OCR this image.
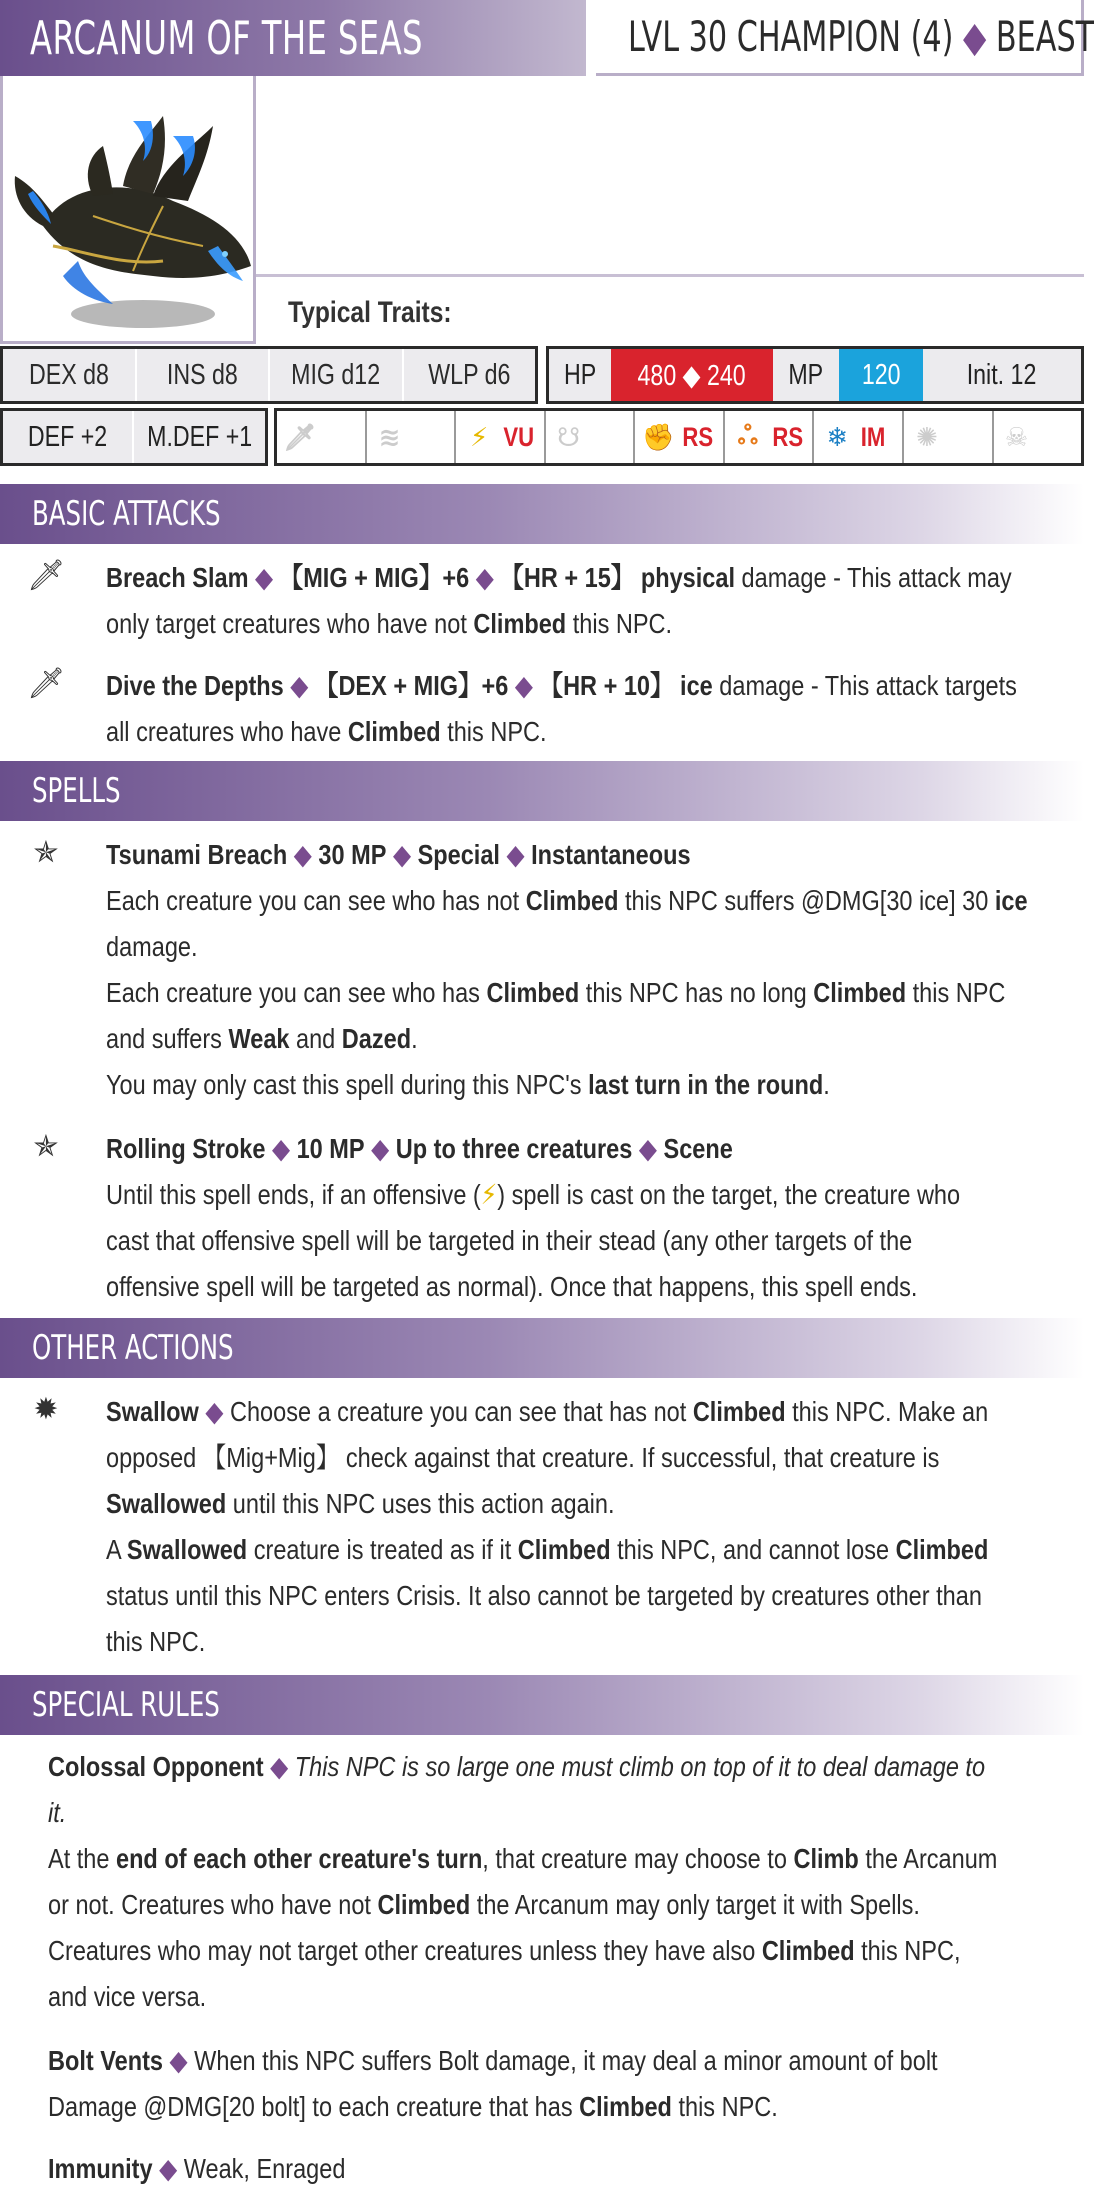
ARCANUM OF THE SEAS	LVL 30 CHAMPION (4) ◆ BEAST
Typical Traits:
DEX d8 INS d8 MIG d12 WLP d6 HP 480 ◆ 240 MP 120 Init. 12
DEF +2 M.DEF +1 🗡 ≋	⚡ VU ☋ ✊ RS ஃ RS ❄ IM ✺	☠
BASIC ATTACKS
🗡 Breach Slam ◆ 【MIG + MIG】+6 ◆ 【HR + 15】 physical damage - This attack may
only target creatures who have not Climbed this NPC.
🗡 Dive the Depths ◆ 【DEX + MIG】+6 ◆ 【HR + 10】 ice damage - This attack targets
all creatures who have Climbed this NPC.
SPELLS
✯ Tsunami Breach ◆ 30 MP ◆ Special ◆ Instantaneous
Each creature you can see who has not Climbed this NPC suffers @DMG[30 ice] 30 ice
damage.
Each creature you can see who has Climbed this NPC has no long Climbed this NPC
and suffers Weak and Dazed.
You may only cast this spell during this NPC's last turn in the round.
✯ Rolling Stroke ◆ 10 MP ◆ Up to three creatures ◆ Scene
Until this spell ends, if an offensive (⚡) spell is cast on the target, the creature who
cast that offensive spell will be targeted in their stead (any other targets of the
offensive spell will be targeted as normal). Once that happens, this spell ends.
OTHER ACTIONS
✹ Swallow ◆ Choose a creature you can see that has not Climbed this NPC. Make an
opposed 【Mig+Mig】 check against that creature. If successful, that creature is
Swallowed until this NPC uses this action again.
A Swallowed creature is treated as if it Climbed this NPC, and cannot lose Climbed
status until this NPC enters Crisis. It also cannot be targeted by creatures other than
this NPC.
SPECIAL RULES
Colossal Opponent ◆ This NPC is so large one must climb on top of it to deal damage to
it.
At the end of each other creature's turn, that creature may choose to Climb the Arcanum
or not. Creatures who have not Climbed the Arcanum may only target it with Spells.
Creatures who may not target other creatures unless they have also Climbed this NPC,
and vice versa.
Bolt Vents ◆ When this NPC suffers Bolt damage, it may deal a minor amount of bolt
Damage @DMG[20 bolt] to each creature that has Climbed this NPC.
Immunity ◆ Weak, Enraged
